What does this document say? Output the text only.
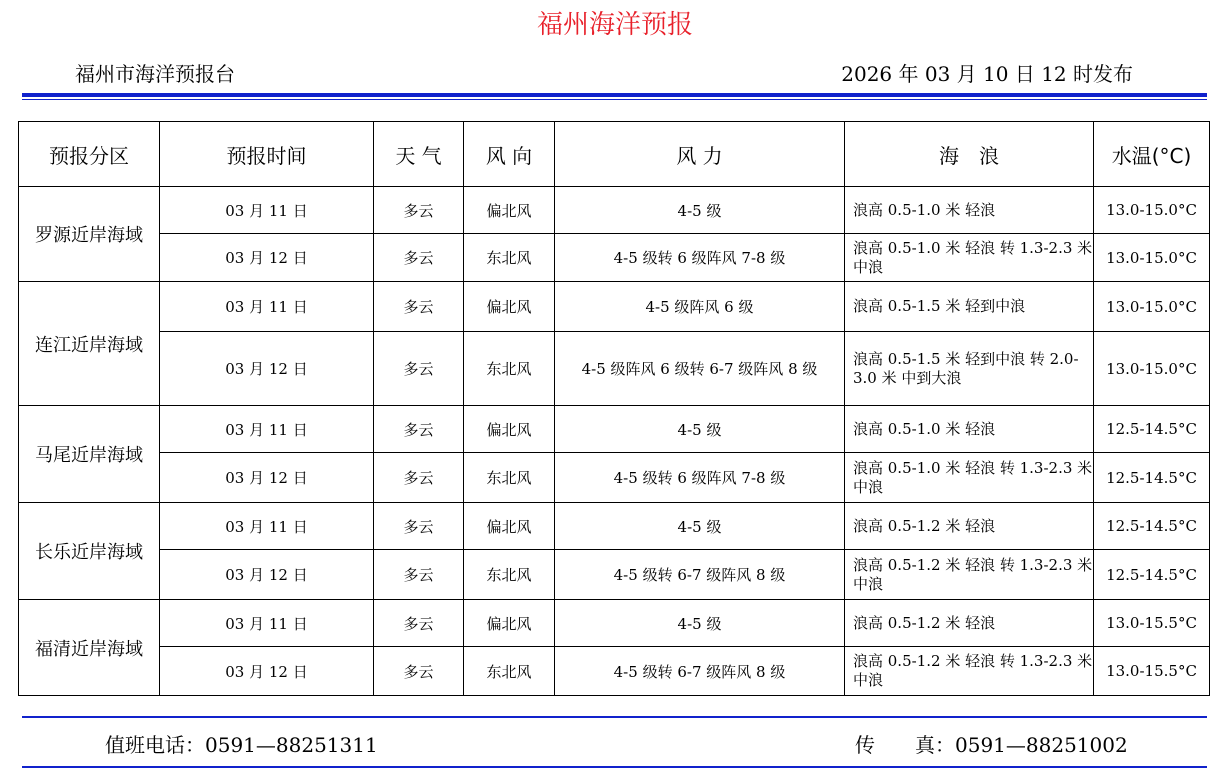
福州海洋预报
福州市海洋预报台	2026 年 03 月 10 日 12 时发布
预报分区	预报时间	天 气	风 向	风 力	海　浪	水温(°C)
罗源近岸海域	03 月 11 日	多云	偏北风	4-5 级	浪高 0.5-1.0 米 轻浪	13.0-15.0°C
	03 月 12 日	多云	东北风	4-5 级转 6 级阵风 7-8 级	浪高 0.5-1.0 米 轻浪 转 1.3-2.3 米 中浪	13.0-15.0°C
连江近岸海域	03 月 11 日	多云	偏北风	4-5 级阵风 6 级	浪高 0.5-1.5 米 轻到中浪	13.0-15.0°C
	03 月 12 日	多云	东北风	4-5 级阵风 6 级转 6-7 级阵风 8 级	浪高 0.5-1.5 米 轻到中浪 转 2.0-3.0 米 中到大浪	13.0-15.0°C
马尾近岸海域	03 月 11 日	多云	偏北风	4-5 级	浪高 0.5-1.0 米 轻浪	12.5-14.5°C
	03 月 12 日	多云	东北风	4-5 级转 6 级阵风 7-8 级	浪高 0.5-1.0 米 轻浪 转 1.3-2.3 米 中浪	12.5-14.5°C
长乐近岸海域	03 月 11 日	多云	偏北风	4-5 级	浪高 0.5-1.2 米 轻浪	12.5-14.5°C
	03 月 12 日	多云	东北风	4-5 级转 6-7 级阵风 8 级	浪高 0.5-1.2 米 轻浪 转 1.3-2.3 米 中浪	12.5-14.5°C
福清近岸海域	03 月 11 日	多云	偏北风	4-5 级	浪高 0.5-1.2 米 轻浪	13.0-15.5°C
	03 月 12 日	多云	东北风	4-5 级转 6-7 级阵风 8 级	浪高 0.5-1.2 米 轻浪 转 1.3-2.3 米 中浪	13.0-15.5°C
值班电话：0591—88251311	传　　真：0591—88251002
